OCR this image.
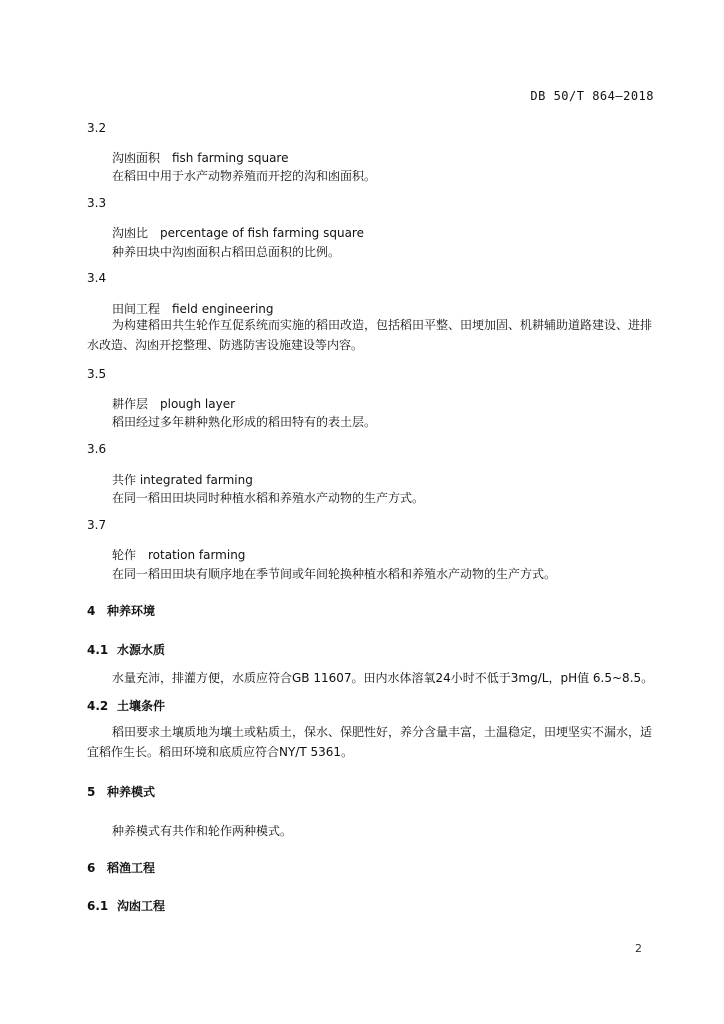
DB 50/T 864—2018
3.2
沟凼面积　fish farming square
在稻田中用于水产动物养殖而开挖的沟和凼面积。
3.3
沟凼比　percentage of fish farming square
种养田块中沟凼面积占稻田总面积的比例。
3.4
田间工程　field engineering
为构建稻田共生轮作互促系统而实施的稻田改造，包括稻田平整、田埂加固、机耕辅助道路建设、进排水改造、沟凼开挖整理、防逃防害设施建设等内容。
3.5
耕作层　plough layer
稻田经过多年耕种熟化形成的稻田特有的表土层。
3.6
共作 integrated farming
在同一稻田田块同时种植水稻和养殖水产动物的生产方式。
3.7
轮作　rotation farming
在同一稻田田块有顺序地在季节间或年间轮换种植水稻和养殖水产动物的生产方式。
4 种养环境
4.1 水源水质
水量充沛，排灌方便，水质应符合GB 11607。田内水体溶氧24小时不低于3mg/L，pH值 6.5~8.5。
4.2 土壤条件
稻田要求土壤质地为壤土或粘质土，保水、保肥性好，养分含量丰富，土温稳定，田埂坚实不漏水，适宜稻作生长。稻田环境和底质应符合NY/T 5361。
5 种养模式
种养模式有共作和轮作两种模式。
6 稻渔工程
6.1 沟凼工程
2
